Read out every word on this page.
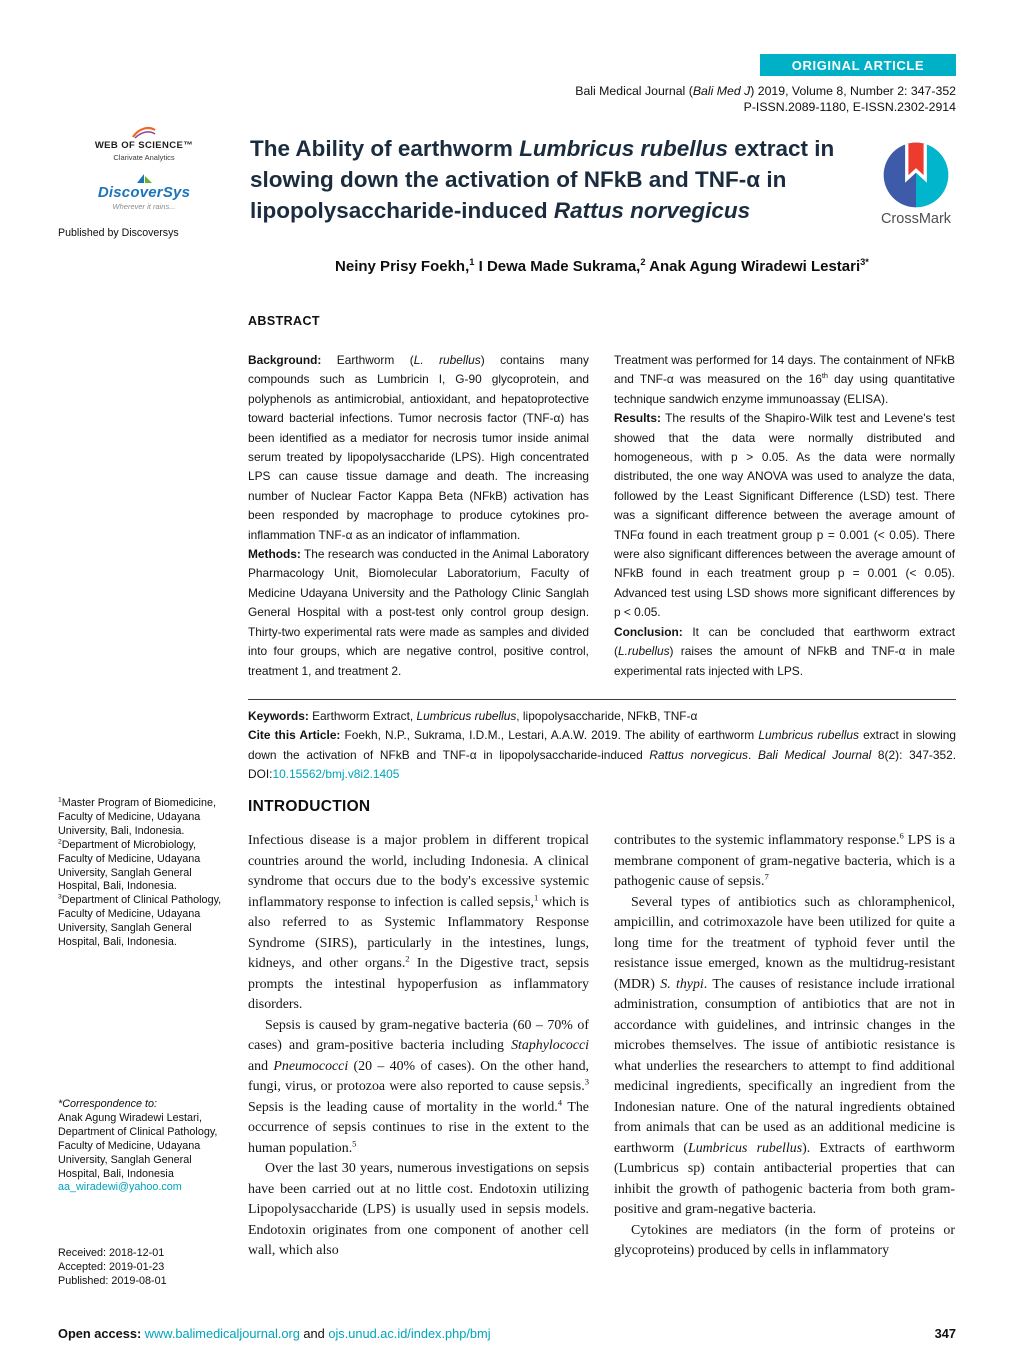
ORIGINAL ARTICLE
Bali Medical Journal (Bali Med J) 2019, Volume 8, Number 2: 347-352
P-ISSN.2089-1180, E-ISSN.2302-2914
WEB OF SCIENCE™
Clarivate Analytics
DiscoverSys
Wherever it rains...
Published by Discoversys
The Ability of earthworm Lumbricus rubellus extract in slowing down the activation of NFkB and TNF-α in lipopolysaccharide-induced Rattus norvegicus	CrossMark
Neiny Prisy Foekh,$^1$ I Dewa Made Sukrama,$^2$ Anak Agung Wiradewi Lestari$^{3*}$
ABSTRACT

Background: Earthworm (L. rubellus) contains many compounds such as Lumbricin I, G-90 glycoprotein, and polyphenols as antimicrobial, antioxidant, and hepatoprotective toward bacterial infections. Tumor necrosis factor (TNF-α) has been identified as a mediator for necrosis tumor inside animal serum treated by lipopolysaccharide (LPS). High concentrated LPS can cause tissue damage and death. The increasing number of Nuclear Factor Kappa Beta (NFkB) activation has been responded by macrophage to produce cytokines pro-inflammation TNF-α as an indicator of inflammation.

Methods: The research was conducted in the Animal Laboratory Pharmacology Unit, Biomolecular Laboratorium, Faculty of Medicine Udayana University and the Pathology Clinic Sanglah General Hospital with a post-test only control group design. Thirty-two experimental rats were made as samples and divided into four groups, which are negative control, positive control, treatment 1, and treatment 2.

Treatment was performed for 14 days. The containment of NFkB and TNF-α was measured on the 16th day using quantitative technique sandwich enzyme immunoassay (ELISA).

Results: The results of the Shapiro-Wilk test and Levene's test showed that the data were normally distributed and homogeneous, with p > 0.05. As the data were normally distributed, the one way ANOVA was used to analyze the data, followed by the Least Significant Difference (LSD) test. There was a significant difference between the average amount of TNFα found in each treatment group p = 0.001 (< 0.05). There were also significant differences between the average amount of NFkB found in each treatment group p = 0.001 (< 0.05). Advanced test using LSD shows more significant differences by p < 0.05.

Conclusion: It can be concluded that earthworm extract (L.rubellus) raises the amount of NFkB and TNF-α in male experimental rats injected with LPS.

Keywords: Earthworm Extract, Lumbricus rubellus, lipopolysaccharide, NFkB, TNF-α

Cite this Article: Foekh, N.P., Sukrama, I.D.M., Lestari, A.A.W. 2019. The ability of earthworm Lumbricus rubellus extract in slowing down the activation of NFkB and TNF-α in lipopolysaccharide-induced Rattus norvegicus. Bali Medical Journal 8(2): 347-352. DOI:10.15562/bmj.v8i2.1405

$^1$Master Program of Biomedicine, Faculty of Medicine, Udayana University, Bali, Indonesia.

$^2$Department of Microbiology, Faculty of Medicine, Udayana University, Sanglah General Hospital, Bali, Indonesia.

$^3$Department of Clinical Pathology, Faculty of Medicine, Udayana University, Sanglah General Hospital, Bali, Indonesia.

*Correspondence to:

Anak Agung Wiradewi Lestari, Department of Clinical Pathology, Faculty of Medicine, Udayana University, Sanglah General Hospital, Bali, Indonesia

aa_wiradewi@yahoo.com

Received: 2018-12-01

Accepted: 2019-01-23

Published: 2019-08-01

INTRODUCTION

Infectious disease is a major problem in different tropical countries around the world, including Indonesia. A clinical syndrome that occurs due to the body's excessive systemic inflammatory response to infection is called sepsis,$^1$ which is also referred to as Systemic Inflammatory Response Syndrome (SIRS), particularly in the intestines, lungs, kidneys, and other organs.$^2$ In the Digestive tract, sepsis prompts the intestinal hypoperfusion as inflammatory disorders.

Sepsis is caused by gram-negative bacteria (60 – 70% of cases) and gram-positive bacteria including Staphylococci and Pneumococci (20 – 40% of cases). On the other hand, fungi, virus, or protozoa were also reported to cause sepsis.$^3$ Sepsis is the leading cause of mortality in the world.$^4$ The occurrence of sepsis continues to rise in the extent to the human population.$^5$

Over the last 30 years, numerous investigations on sepsis have been carried out at no little cost. Endotoxin utilizing Lipopolysaccharide (LPS) is usually used in sepsis models. Endotoxin originates from one component of another cell wall, which also

contributes to the systemic inflammatory response.$^6$ LPS is a membrane component of gram-negative bacteria, which is a pathogenic cause of sepsis.$^7$

Several types of antibiotics such as chloramphenicol, ampicillin, and cotrimoxazole have been utilized for quite a long time for the treatment of typhoid fever until the resistance issue emerged, known as the multidrug-resistant (MDR) S. thypi. The causes of resistance include irrational administration, consumption of antibiotics that are not in accordance with guidelines, and intrinsic changes in the microbes themselves. The issue of antibiotic resistance is what underlies the researchers to attempt to find additional medicinal ingredients, specifically an ingredient from the Indonesian nature. One of the natural ingredients obtained from animals that can be used as an additional medicine is earthworm (Lumbricus rubellus). Extracts of earthworm (Lumbricus sp) contain antibacterial properties that can inhibit the growth of pathogenic bacteria from both gram-positive and gram-negative bacteria.

Cytokines are mediators (in the form of proteins or glycoproteins) produced by cells in inflammatory

Open access: www.balimedicaljournal.org and ojs.unud.ac.id/index.php/bmj	347
